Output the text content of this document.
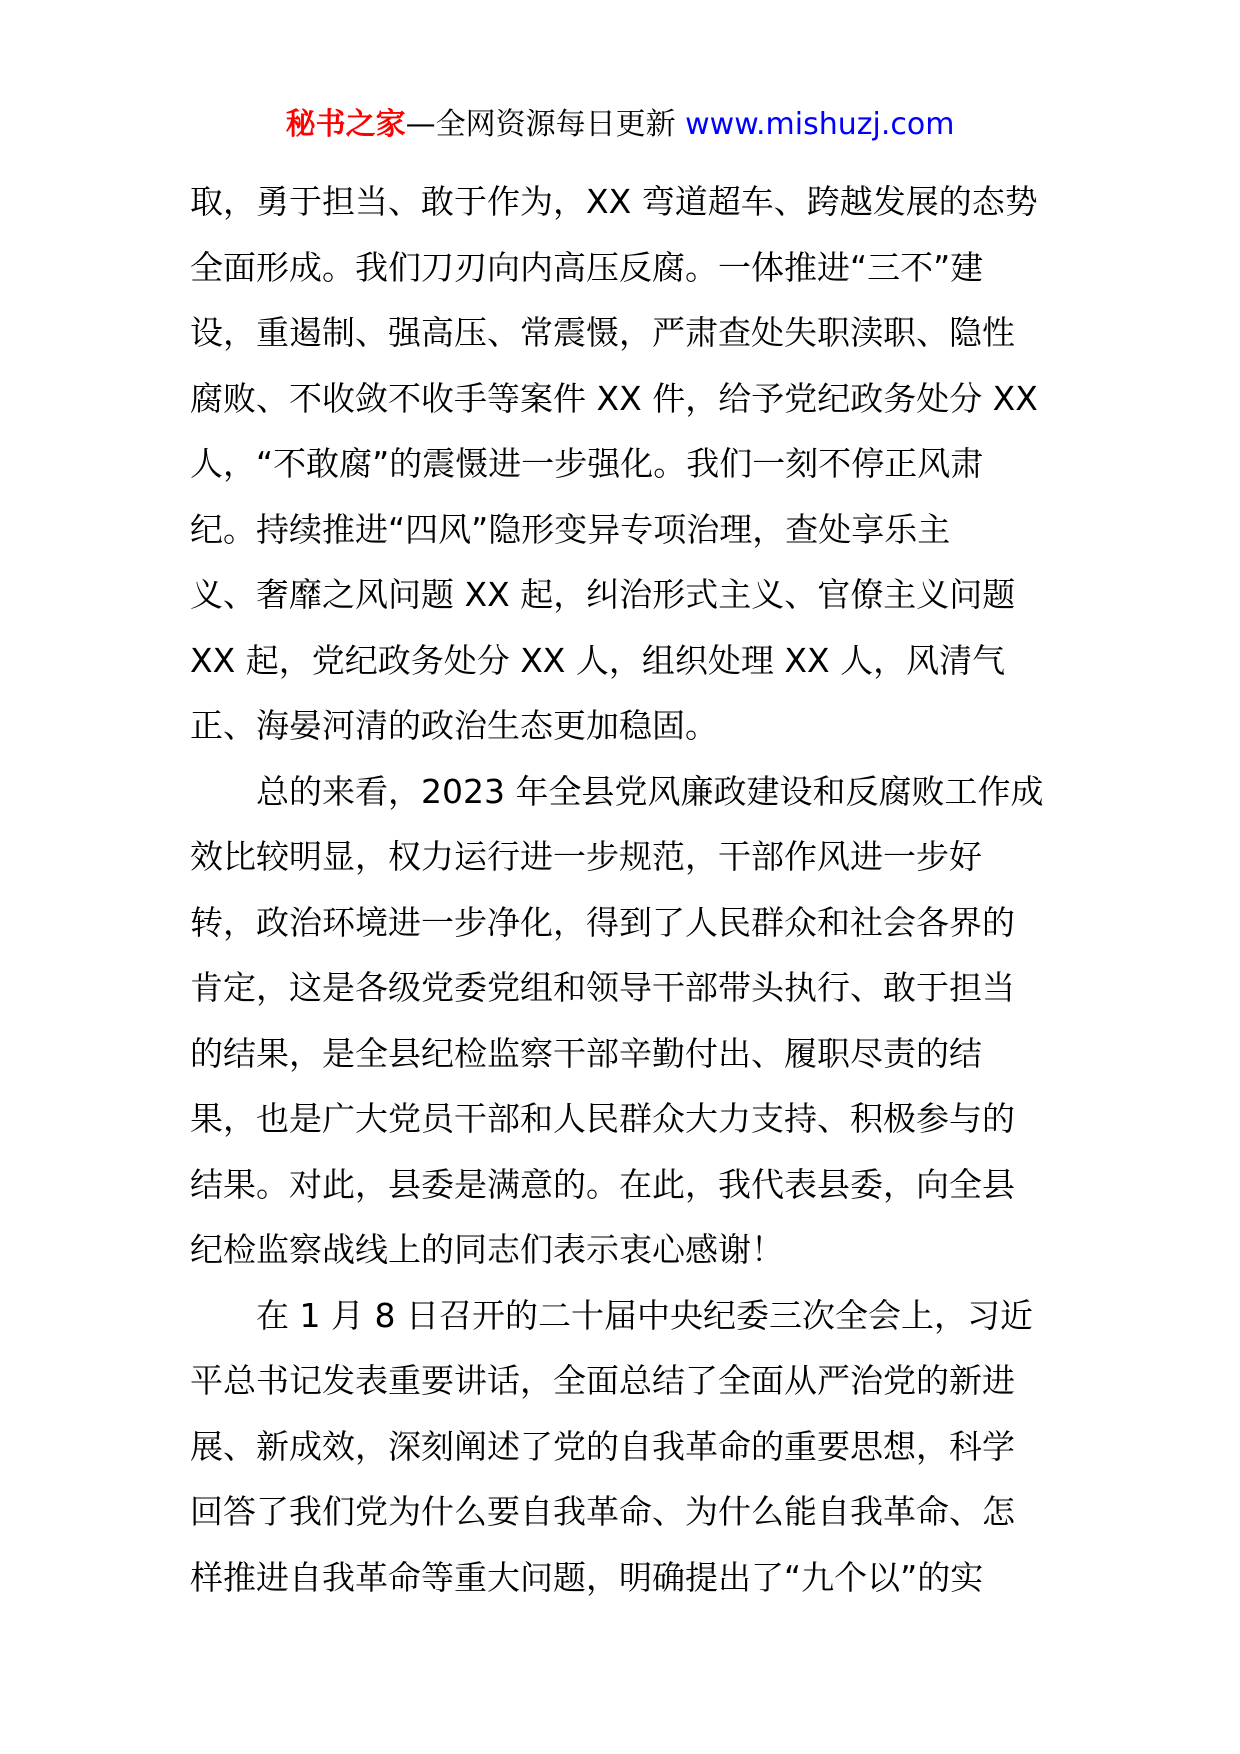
秘书之家—全网资源每日更新 www.mishuzj.com
取，勇于担当、敢于作为，XX 弯道超车、跨越发展的态势
全面形成。我们刀刃向内高压反腐。一体推进“三不”建
设，重遏制、强高压、常震慑，严肃查处失职渎职、隐性
腐败、不收敛不收手等案件 XX 件，给予党纪政务处分 XX
人，“不敢腐”的震慑进一步强化。我们一刻不停正风肃
纪。持续推进“四风”隐形变异专项治理，查处享乐主
义、奢靡之风问题 XX 起，纠治形式主义、官僚主义问题
XX 起，党纪政务处分 XX 人，组织处理 XX 人，风清气
正、海晏河清的政治生态更加稳固。
总的来看，2023 年全县党风廉政建设和反腐败工作成
效比较明显，权力运行进一步规范，干部作风进一步好
转，政治环境进一步净化，得到了人民群众和社会各界的
肯定，这是各级党委党组和领导干部带头执行、敢于担当
的结果，是全县纪检监察干部辛勤付出、履职尽责的结
果，也是广大党员干部和人民群众大力支持、积极参与的
结果。对此，县委是满意的。在此，我代表县委，向全县
纪检监察战线上的同志们表示衷心感谢！
在 1 月 8 日召开的二十届中央纪委三次全会上，习近
平总书记发表重要讲话，全面总结了全面从严治党的新进
展、新成效，深刻阐述了党的自我革命的重要思想，科学
回答了我们党为什么要自我革命、为什么能自我革命、怎
样推进自我革命等重大问题，明确提出了“九个以”的实
